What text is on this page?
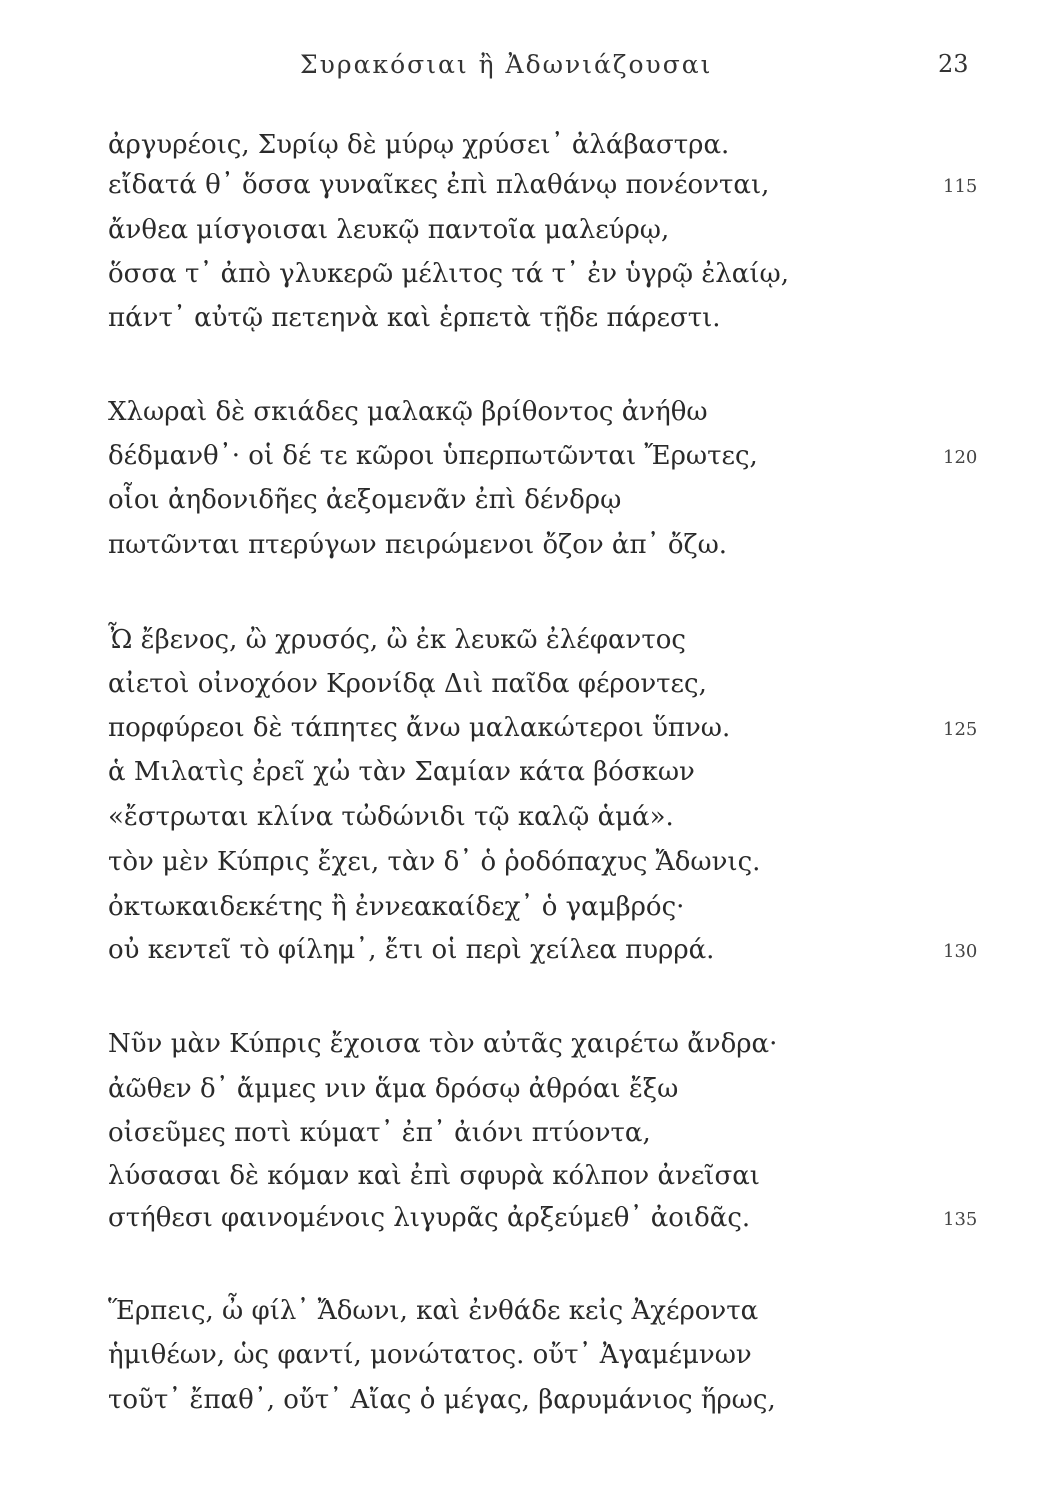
Συρακόσιαι ἢ Ἀδωνιάζουσαι	23
ἀργυρέοις, Συρίῳ δὲ μύρῳ χρύσει᾽ ἀλάβαστρα.
εἴδατά θ᾽ ὅσσα γυναῖκες ἐπὶ πλαθάνῳ πονέονται,	115
ἄνθεα μίσγοισαι λευκῷ παντοῖα μαλεύρῳ,
ὅσσα τ᾽ ἀπὸ γλυκερῶ μέλιτος τά τ᾽ ἐν ὑγρῷ ἐλαίῳ,
πάντ᾽ αὐτῷ πετεηνὰ καὶ ἑρπετὰ τῇδε πάρεστι.
Χλωραὶ δὲ σκιάδες μαλακῷ βρίθοντος ἀνήθω
δέδμανθ᾽· οἱ δέ τε κῶροι ὑπερπωτῶνται Ἔρωτες,	120
οἷοι ἀηδονιδῆες ἀεξομενᾶν ἐπὶ δένδρῳ
πωτῶνται πτερύγων πειρώμενοι ὄζον ἀπ᾽ ὄζω.
Ὦ ἔβενος, ὢ χρυσός, ὢ ἐκ λευκῶ ἐλέφαντος
αἰετοὶ οἰνοχόον Κρονίδᾳ Διὶ παῖδα φέροντες,
πορφύρεοι δὲ τάπητες ἄνω μαλακώτεροι ὕπνω.	125
ἁ Μιλατὶς ἐρεῖ χὠ τὰν Σαμίαν κάτα βόσκων
«ἔστρωται κλίνα τὠδώνιδι τῷ καλῷ ἁμά».
τὸν μὲν Κύπρις ἔχει, τὰν δ᾽ ὁ ῥοδόπαχυς Ἄδωνις.
ὀκτωκαιδεκέτης ἢ ἐννεακαίδεχ᾽ ὁ γαμβρός·
οὐ κεντεῖ τὸ φίλημ᾽, ἔτι οἱ περὶ χείλεα πυρρά.	130
Νῦν μὰν Κύπρις ἔχοισα τὸν αὐτᾶς χαιρέτω ἄνδρα·
ἀῶθεν δ᾽ ἄμμες νιν ἅμα δρόσῳ ἀθρόαι ἔξω
οἰσεῦμες ποτὶ κύματ᾽ ἐπ᾽ ἀιόνι πτύοντα,
λύσασαι δὲ κόμαν καὶ ἐπὶ σφυρὰ κόλπον ἀνεῖσαι
στήθεσι φαινομένοις λιγυρᾶς ἀρξεύμεθ᾽ ἀοιδᾶς.	135
Ἕρπεις, ὦ φίλ᾽ Ἄδωνι, καὶ ἐνθάδε κεἰς Ἀχέροντα
ἡμιθέων, ὡς φαντί, μονώτατος. οὔτ᾽ Ἀγαμέμνων
τοῦτ᾽ ἔπαθ᾽, οὔτ᾽ Αἴας ὁ μέγας, βαρυμάνιος ἥρως,
